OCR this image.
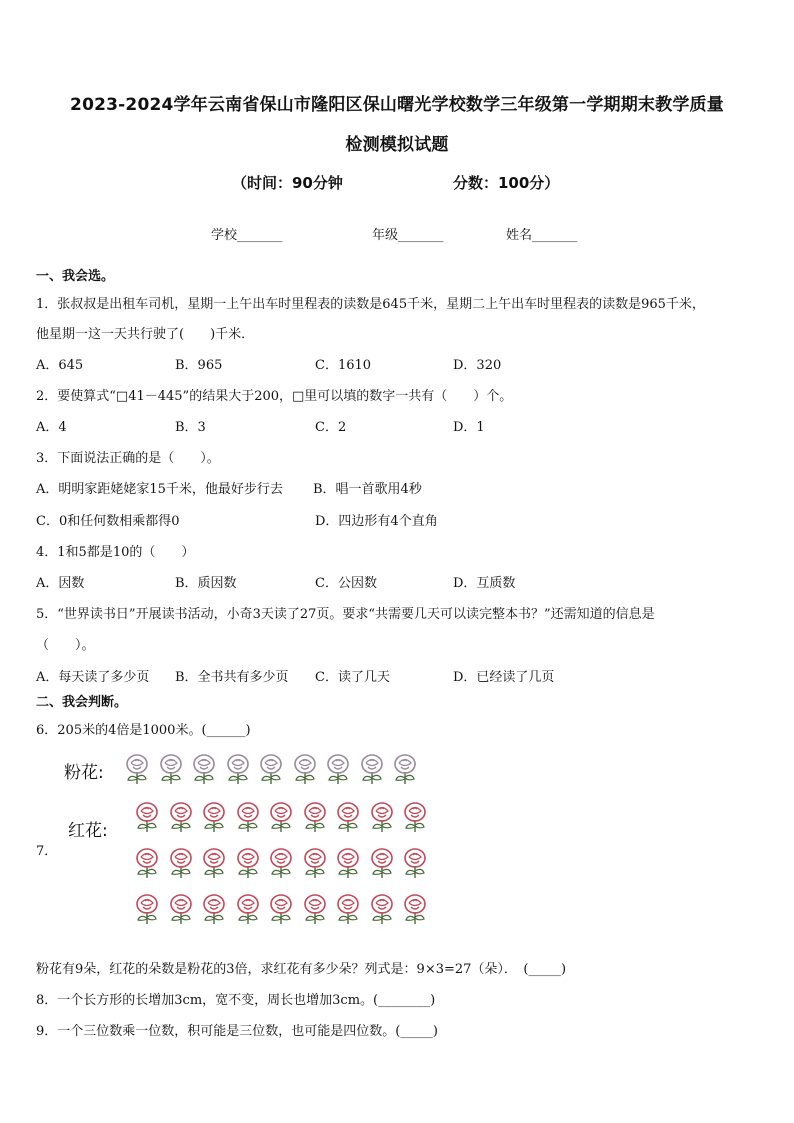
2023-2024学年云南省保山市隆阳区保山曙光学校数学三年级第一学期期末教学质量
检测模拟试题
（时间：90分钟	分数：100分）
学校_______	年级_______	姓名_______
一、我会选。
1．张叔叔是出租车司机，星期一上午出车时里程表的读数是645千米，星期二上午出车时里程表的读数是965千米，
他星期一这一天共行驶了(　　)千米．
A．645	B．965	C．1610	D．320
2．要使算式“□41－445”的结果大于200，□里可以填的数字一共有（　　）个。
A．4	B．3	C．2	D．1
3．下面说法正确的是（　　）。
A．明明家距姥姥家15千米，他最好步行去 B．唱一首歌用4秒
C．0和任何数相乘都得0	D．四边形有4个直角
4．1和5都是10的（　　）
A．因数	B．质因数	C．公因数	D．互质数
5．“世界读书日”开展读书活动，小奇3天读了27页。要求“共需要几天可以读完整本书？”还需知道的信息是
（　　）。
A．每天读了多少页 B．全书共有多少页 C．读了几天	D．已经读了几页
二、我会判断。
6．205米的4倍是1000米。(______)
粉花:
红花:
7．
粉花有9朵，红花的朵数是粉花的3倍，求红花有多少朵？列式是：9×3=27（朵）．　(_____)
8．一个长方形的长增加3cm，宽不变，周长也增加3cm。(________)
9．一个三位数乘一位数，积可能是三位数，也可能是四位数。(_____)
